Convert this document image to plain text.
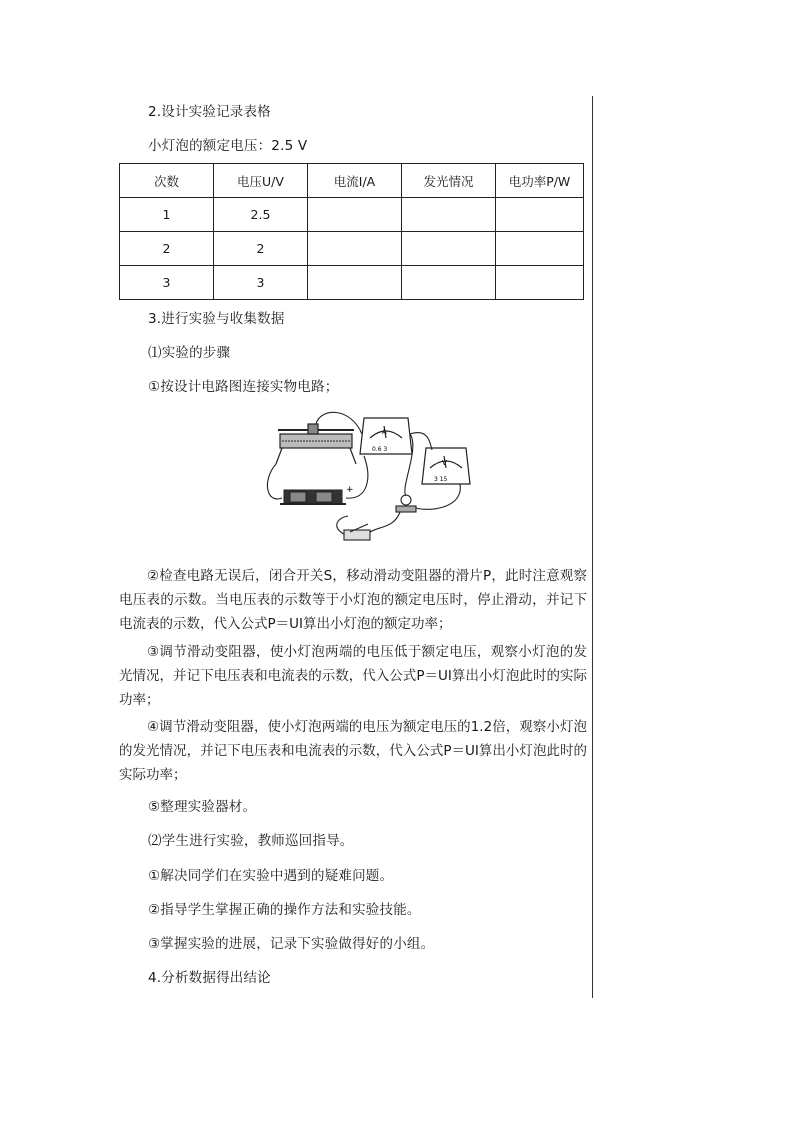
2.设计实验记录表格

小灯泡的额定电压：2.5 V

次数	电压U/V	电流I/A	发光情况	电功率P/W
1	2.5			
2	2			
3	3			

3.进行实验与收集数据

⑴实验的步骤

①按设计电路图连接实物电路；

+
A
0.6 3
V
3 15

②检查电路无误后，闭合开关S，移动滑动变阻器的滑片P，此时注意观察电压表的示数。当电压表的示数等于小灯泡的额定电压时，停止滑动，并记下电流表的示数，代入公式P＝UI算出小灯泡的额定功率；

③调节滑动变阻器，使小灯泡两端的电压低于额定电压，观察小灯泡的发光情况，并记下电压表和电流表的示数，代入公式P＝UI算出小灯泡此时的实际功率；

④调节滑动变阻器，使小灯泡两端的电压为额定电压的1.2倍，观察小灯泡的发光情况，并记下电压表和电流表的示数，代入公式P＝UI算出小灯泡此时的实际功率；

⑤整理实验器材。

⑵学生进行实验，教师巡回指导。

①解决同学们在实验中遇到的疑难问题。

②指导学生掌握正确的操作方法和实验技能。

③掌握实验的进展，记录下实验做得好的小组。

4.分析数据得出结论
